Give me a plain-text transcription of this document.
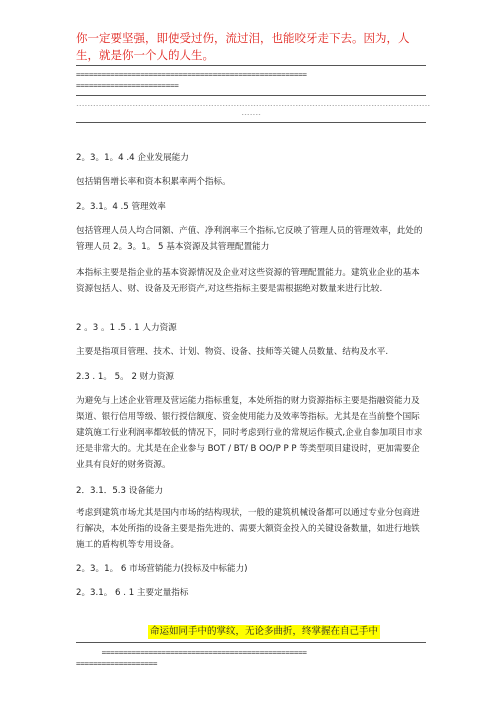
你一定要坚强，即使受过伤，流过泪，也能咬牙走下去。因为，人生，就是你一个人的人生。

======================================================

========================

------------------------------------------------------------------------------------------------------------------------------

-------

2。3。1。4 .4 企业发展能力

包括销售增长率和资本积累率两个指标。

2。3.1。4 .5 管理效率

包括管理人员人均合同额、产值、净利润率三个指标,它反映了管理人员的管理效率，此处的管理人员 2。3。1。 5 基本资源及其管理配置能力

本指标主要是指企业的基本资源情况及企业对这些资源的管理配置能力。建筑业企业的基本资源包括人、财、设备及无形资产,对这些指标主要是需根据绝对数量来进行比较.

2 。3 。1 .5 . 1 人力资源

主要是指项目管理、技术、计划、物资、设备、技师等关键人员数量、结构及水平.

2.3 . 1。 5。 2 财力资源

为避免与上述企业管理及营运能力指标重复，本处所指的财力资源指标主要是指融资能力及渠道、银行信用等级、银行授信额度、资金使用能力及效率等指标。尤其是在当前整个国际建筑施工行业利润率都较低的情况下，同时考虑到行业的常规运作模式,企业自参加项目市求还是非常大的。尤其是在企业参与 BOT / BT/ B OO/P P P 等类型项目建设时，更加需要企业具有良好的财务资源。

2．3.1．5.3 设备能力

考虑到建筑市场尤其是国内市场的结构现状，一般的建筑机械设备都可以通过专业分包商进行解决，本处所指的设备主要是指先进的、需要大额资金投入的关键设备数量，如进行地铁施工的盾构机等专用设备。

2。3。1。 6 市场营销能力(投标及中标能力)

2。3.1。 6 . 1 主要定量指标

命运如同手中的掌纹，无论多曲折，终掌握在自己手中

================================================

===================
